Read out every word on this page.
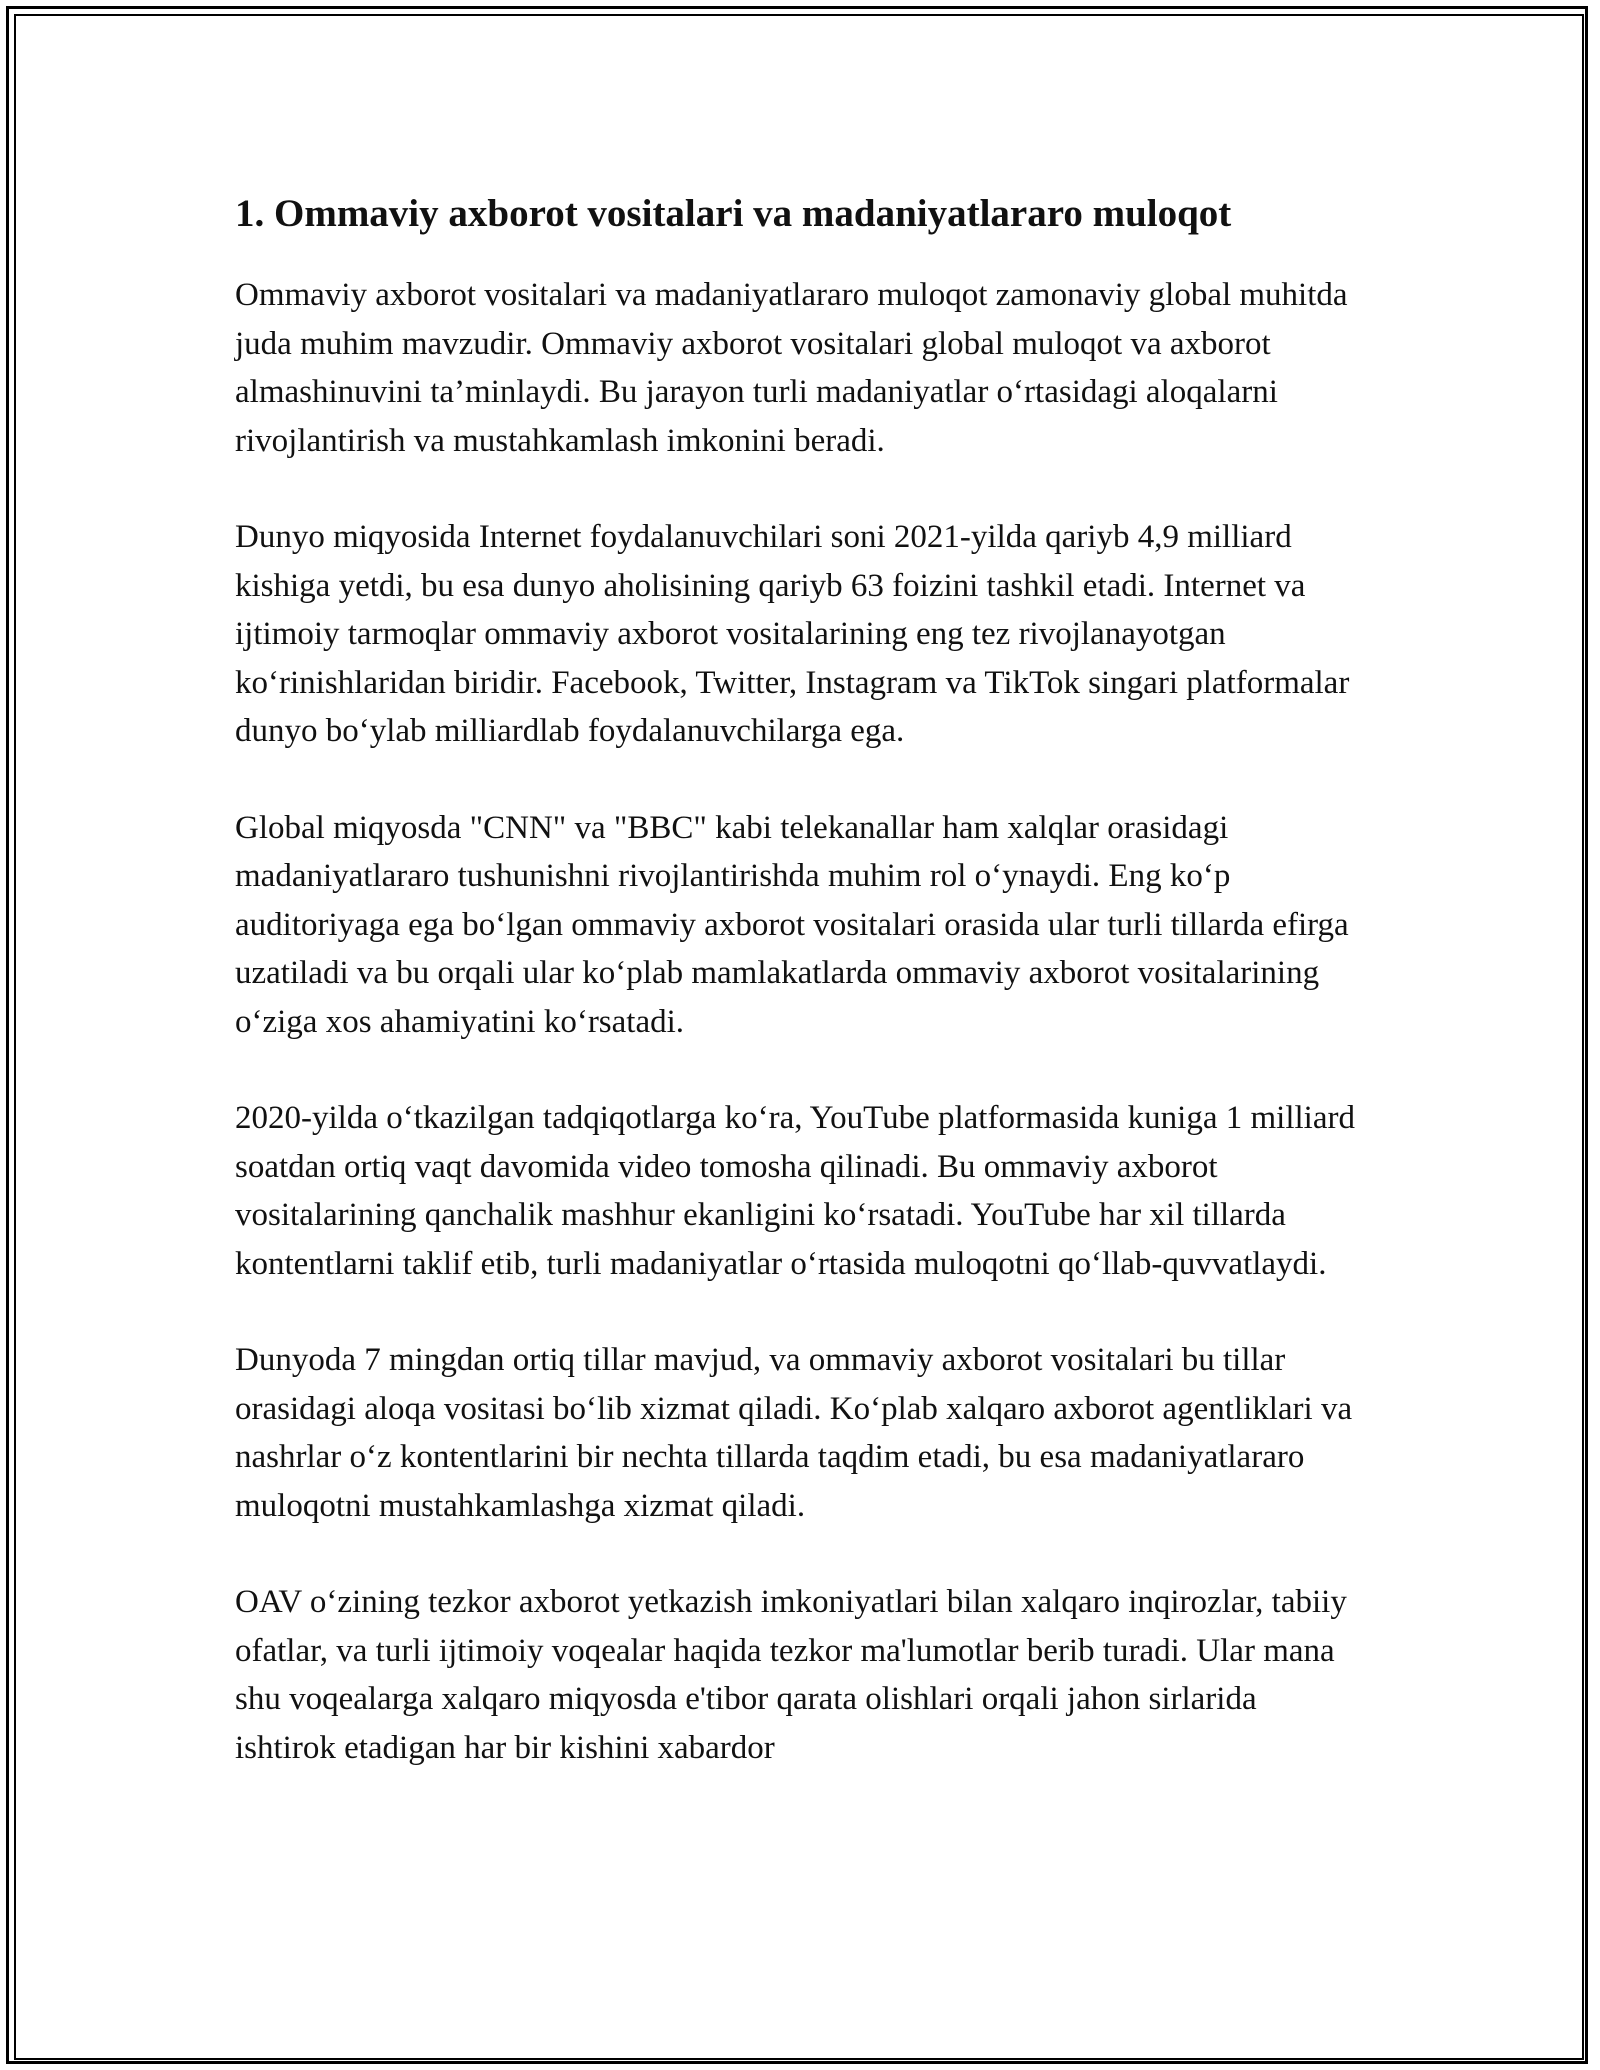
1. Ommaviy axborot vositalari va madaniyatlararo muloqot

Ommaviy axborot vositalari va madaniyatlararo muloqot zamonaviy global muhitda juda muhim mavzudir. Ommaviy axborot vositalari global muloqot va axborot almashinuvini ta’minlaydi. Bu jarayon turli madaniyatlar o‘rtasidagi aloqalarni rivojlantirish va mustahkamlash imkonini beradi.

Dunyo miqyosida Internet foydalanuvchilari soni 2021-yilda qariyb 4,9 milliard kishiga yetdi, bu esa dunyo aholisining qariyb 63 foizini tashkil etadi. Internet va ijtimoiy tarmoqlar ommaviy axborot vositalarining eng tez rivojlanayotgan ko‘rinishlaridan biridir. Facebook, Twitter, Instagram va TikTok singari platformalar dunyo bo‘ylab milliardlab foydalanuvchilarga ega.

Global miqyosda "CNN" va "BBC" kabi telekanallar ham xalqlar orasidagi madaniyatlararo tushunishni rivojlantirishda muhim rol o‘ynaydi. Eng ko‘p auditoriyaga ega bo‘lgan ommaviy axborot vositalari orasida ular turli tillarda efirga uzatiladi va bu orqali ular ko‘plab mamlakatlarda ommaviy axborot vositalarining o‘ziga xos ahamiyatini ko‘rsatadi.

2020-yilda o‘tkazilgan tadqiqotlarga ko‘ra, YouTube platformasida kuniga 1 milliard soatdan ortiq vaqt davomida video tomosha qilinadi. Bu ommaviy axborot vositalarining qanchalik mashhur ekanligini ko‘rsatadi. YouTube har xil tillarda kontentlarni taklif etib, turli madaniyatlar o‘rtasida muloqotni qo‘llab-quvvatlaydi.

Dunyoda 7 mingdan ortiq tillar mavjud, va ommaviy axborot vositalari bu tillar orasidagi aloqa vositasi bo‘lib xizmat qiladi. Ko‘plab xalqaro axborot agentliklari va nashrlar o‘z kontentlarini bir nechta tillarda taqdim etadi, bu esa madaniyatlararo muloqotni mustahkamlashga xizmat qiladi.

OAV o‘zining tezkor axborot yetkazish imkoniyatlari bilan xalqaro inqirozlar, tabiiy ofatlar, va turli ijtimoiy voqealar haqida tezkor ma'lumotlar berib turadi. Ular mana shu voqealarga xalqaro miqyosda e'tibor qarata olishlari orqali jahon sirlarida ishtirok etadigan har bir kishini xabardor
